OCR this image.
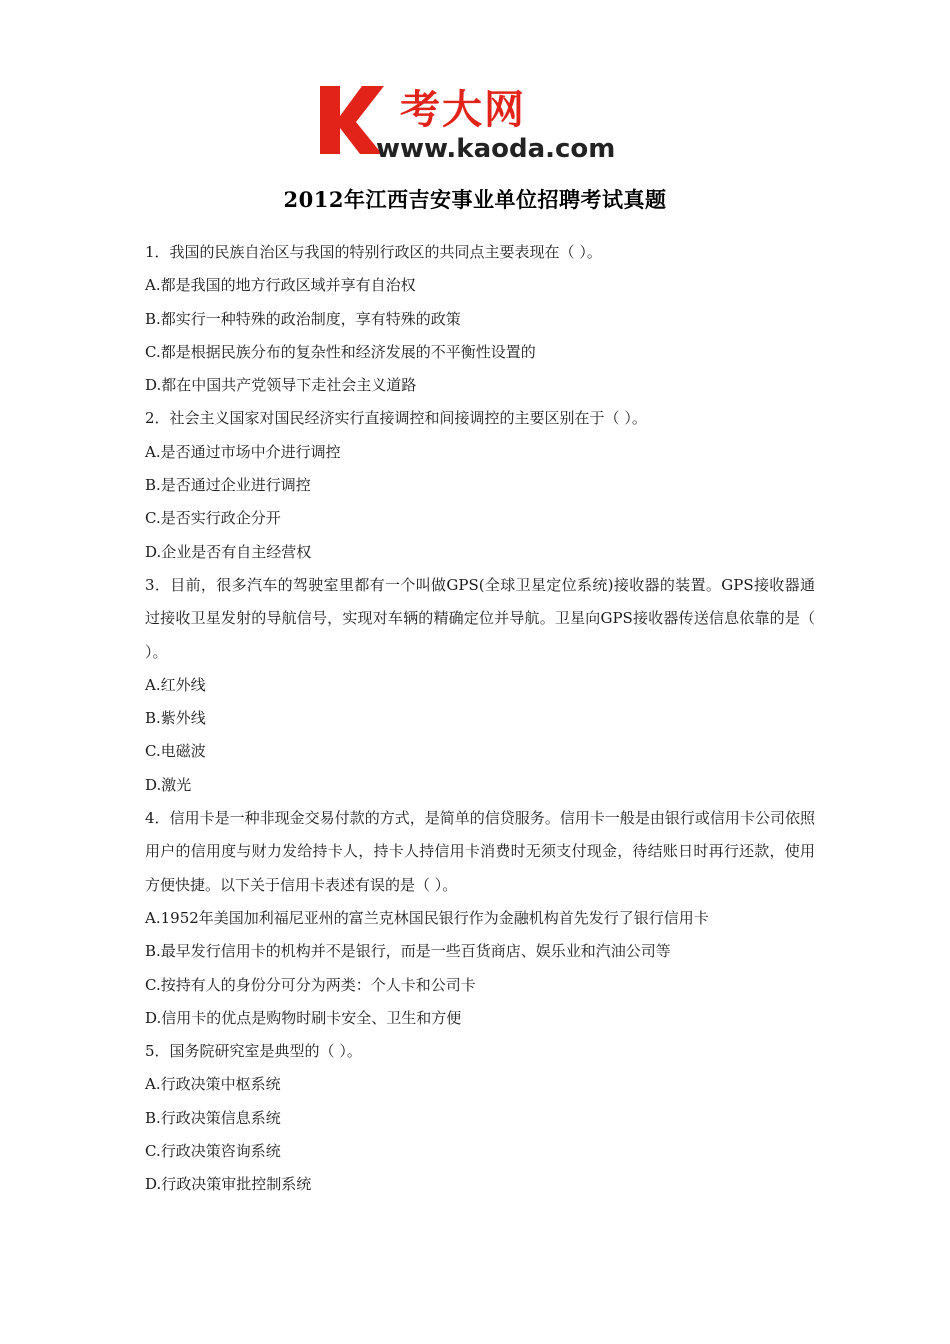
考大网
www.kaoda.com
2012年江西吉安事业单位招聘考试真题
1．我国的民族自治区与我国的特别行政区的共同点主要表现在（ ）。
A.都是我国的地方行政区域并享有自治权
B.都实行一种特殊的政治制度，享有特殊的政策
C.都是根据民族分布的复杂性和经济发展的不平衡性设置的
D.都在中国共产党领导下走社会主义道路
2．社会主义国家对国民经济实行直接调控和间接调控的主要区别在于（ ）。
A.是否通过市场中介进行调控
B.是否通过企业进行调控
C.是否实行政企分开
D.企业是否有自主经营权
3．目前，很多汽车的驾驶室里都有一个叫做GPS(全球卫星定位系统)接收器的装置。GPS接收器通过接收卫星发射的导航信号，实现对车辆的精确定位并导航。卫星向GPS接收器传送信息依靠的是（ ）。
A.红外线
B.紫外线
C.电磁波
D.激光
4．信用卡是一种非现金交易付款的方式，是简单的信贷服务。信用卡一般是由银行或信用卡公司依照用户的信用度与财力发给持卡人，持卡人持信用卡消费时无须支付现金，待结账日时再行还款，使用方便快捷。以下关于信用卡表述有误的是（ ）。
A.1952年美国加利福尼亚州的富兰克林国民银行作为金融机构首先发行了银行信用卡
B.最早发行信用卡的机构并不是银行，而是一些百货商店、娱乐业和汽油公司等
C.按持有人的身份分可分为两类：个人卡和公司卡
D.信用卡的优点是购物时刷卡安全、卫生和方便
5．国务院研究室是典型的（ ）。
A.行政决策中枢系统
B.行政决策信息系统
C.行政决策咨询系统
D.行政决策审批控制系统
